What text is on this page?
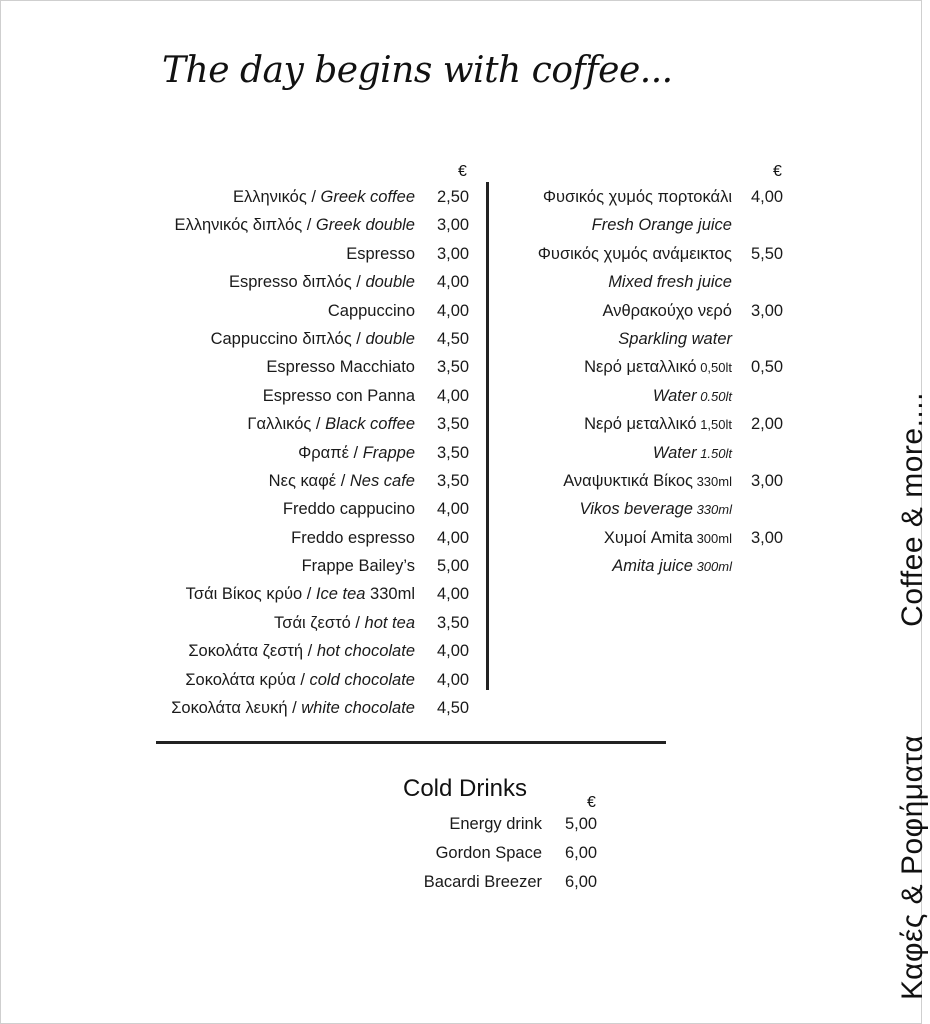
The day begins with coffee...
€	€
Ελληνικός / Greek coffee 2,50
Ελληνικός διπλός / Greek double 3,00
Espresso 3,00
Espresso διπλός / double 4,00
Cappuccino 4,00
Cappuccino διπλός / double 4,50
Espresso Macchiato 3,50
Espresso con Panna 4,00
Γαλλικός / Black coffee 3,50
Φραπέ / Frappe 3,50
Νες καφέ / Nes cafe 3,50
Freddo cappucino 4,00
Freddo espresso 4,00
Frappe Bailey’s 5,00
Τσάι Βίκος κρύο / Ice tea 330ml 4,00
Τσάι ζεστό / hot tea 3,50
Σοκολάτα ζεστή / hot chocolate 4,00
Σοκολάτα κρύα / cold chocolate 4,00
Σοκολάτα λευκή / white chocolate 4,50
Φυσικός χυμός πορτοκάλι 4,00
Fresh Orange juice
Φυσικός χυμός ανάμεικτος 5,50
Mixed fresh juice
Ανθρακούχο νερό 3,00
Sparkling water
Νερό μεταλλικό 0,50lt 0,50
Water 0.50lt
Νερό μεταλλικό 1,50lt 2,00
Water 1.50lt
Αναψυκτικά Βίκος 330ml 3,00
Vikos beverage 330ml
Χυμοί Amita 300ml 3,00
Amita juice 300ml
Cold Drinks
€
Energy drink 5,00
Gordon Space 6,00
Bacardi Breezer 6,00	Καφές & ΡοφήματαCoffee & more....
